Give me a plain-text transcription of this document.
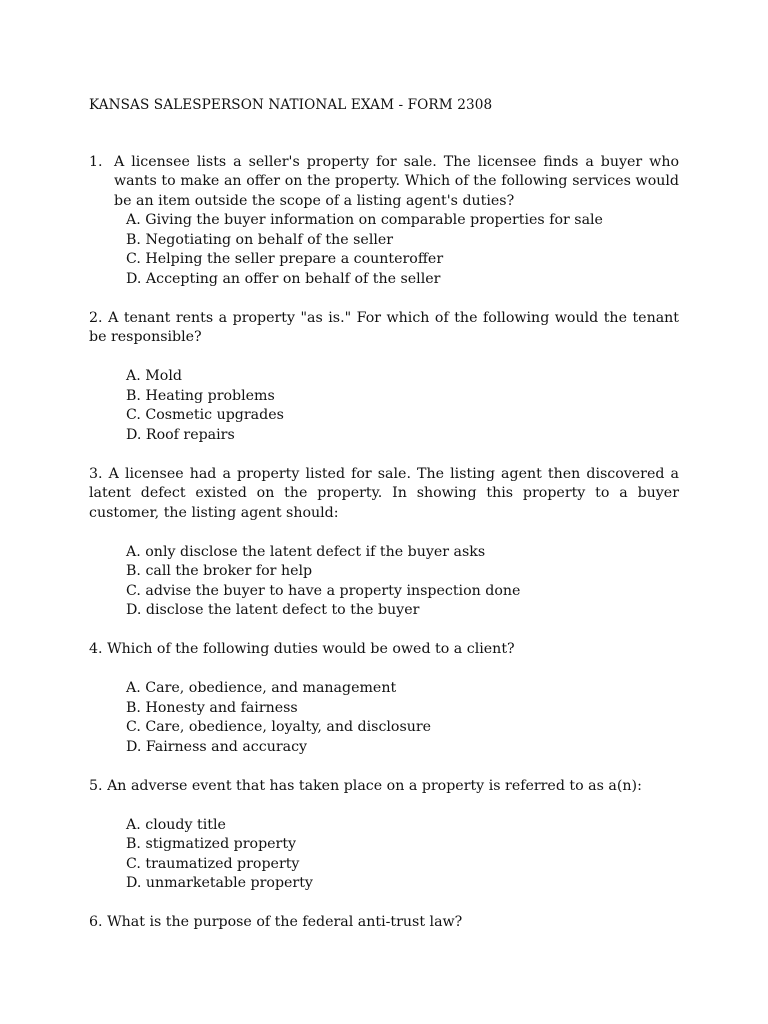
KANSAS SALESPERSON NATIONAL EXAM - FORM 2308

1. A licensee lists a seller's property for sale. The licensee finds a buyer who wants to make an offer on the property. Which of the following services would be an item outside the scope of a listing agent's duties?

A. Giving the buyer information on comparable properties for sale
B. Negotiating on behalf of the seller
C. Helping the seller prepare a counteroffer
D. Accepting an offer on behalf of the seller

2. A tenant rents a property "as is." For which of the following would the tenant be responsible?

A. Mold
B. Heating problems
C. Cosmetic upgrades
D. Roof repairs

3. A licensee had a property listed for sale. The listing agent then discovered a latent defect existed on the property. In showing this property to a buyer customer, the listing agent should:

A. only disclose the latent defect if the buyer asks
B. call the broker for help
C. advise the buyer to have a property inspection done
D. disclose the latent defect to the buyer

4. Which of the following duties would be owed to a client?

A. Care, obedience, and management
B. Honesty and fairness
C. Care, obedience, loyalty, and disclosure
D. Fairness and accuracy

5. An adverse event that has taken place on a property is referred to as a(n):

A. cloudy title
B. stigmatized property
C. traumatized property
D. unmarketable property

6. What is the purpose of the federal anti-trust law?
